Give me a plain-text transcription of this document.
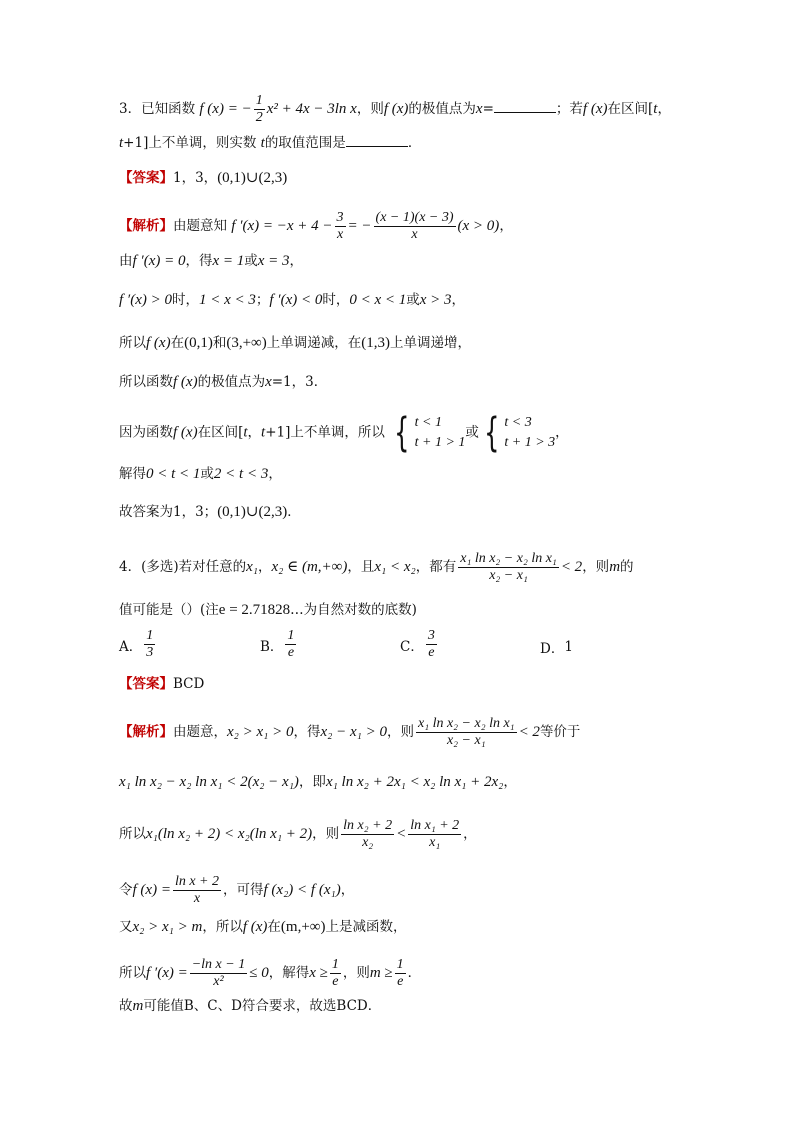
3．已知函数 f (x) = − $\frac{1}{2} x^2 + 4x - 3\ln$ x，则f (x)的极值点为x=	；若f (x)在区间[t，
t+1]上不单调，则实数 t的取值范围是	．
【答案】1，3，(0,1)∪(2,3)
【解析】由题意知 f $'(x) = -x + 4 - \frac{3}{x}$ = − $\frac{(x - 1)(x - 3)}{x} (x > 0)$，
由f ′(x) = 0，得x = 1或x = 3，
f ′(x) > 0时，1 < x < 3；f ′(x) < 0时，0 < x < 1或x > 3，
所以f (x)在(0,1)和(3,+∞)上单调递减，在(1,3)上单调递增，
所以函数f (x)的极值点为x=1，3．
因为函数f (x)在区间[t，t+1]上不单调，所以 { t < 1
t + 1 > 1
或 { t < 3
t + 1 > 3
，
解得0 < t < 1或2 < t < 3，
故答案为1，3；(0,1)∪(2,3)．
4．(多选)若对任意的x₁，x₂ ∈ (m,+∞)，且x₁ < x₂，都有 $\frac{\text{x₁ ln x₂ − x₂ ln x₁}}{\text{x₂ − x₁}} < 2$，则m的
值可能是（）(注e = 2.71828…为自然对数的底数)
A． $\frac{1}{3}$	B． $\frac{1}{e}$	C． $\frac{3}{e}$	D． 1
【答案】BCD
【解析】由题意，x₂ > x₁ > 0，得x₂ − x₁ > 0，则 $\frac{\text{x₁ ln x₂ − x₂ ln x₁}}{\text{x₂ − x₁}} < 2$等价于
x₁ ln x₂ − x₂ ln x₁ < 2(x₂ − x₁)，即x₁ ln x₂ + 2x₁ < x₂ ln x₁ + 2x₂，
所以x₁(ln x₂ + 2) < x₂(ln x₁ + 2)，则 $\frac{\text{ln x₂ + 2}}{\text{x₂}} < \frac{\text{ln x₁ + 2}}{\text{x₁}}$ ，
令f $(x) = \frac{\text{ln x + 2}}{x}$ ，可得f (x₂) < f (x₁)，
又x₂ > x₁ > m，所以f (x)在(m,+∞)上是减函数，
所以f $'(x) = \frac{\text{−ln x − 1}}{\text{x²}} \le 0$，解得$x \ge \frac{1}{e}$ ，则$m \ge \frac{1}{e}$ ．
故m可能值B、C、D符合要求，故选BCD．
